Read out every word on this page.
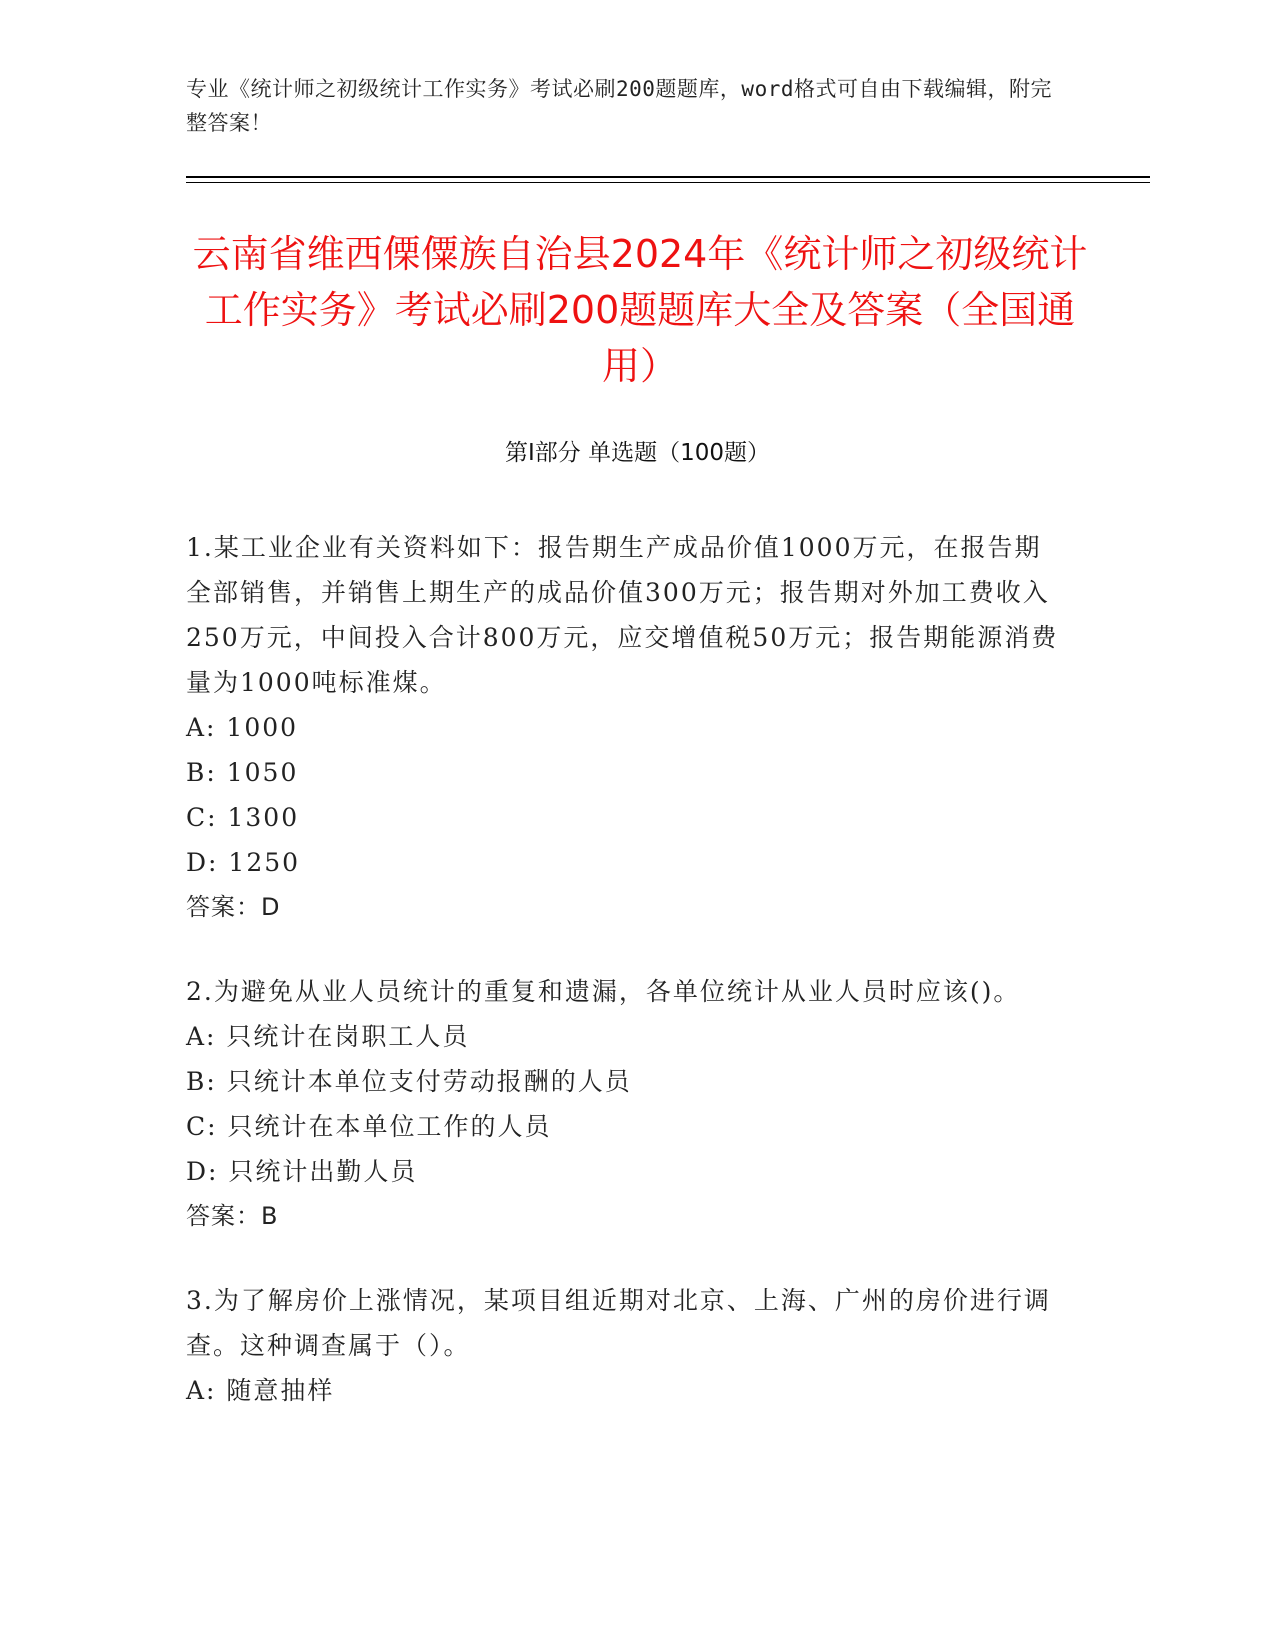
专业《统计师之初级统计工作实务》考试必刷200题题库，word格式可自由下载编辑，附完整答案！
云南省维西傈僳族自治县2024年《统计师之初级统计工作实务》考试必刷200题题库大全及答案（全国通用）
第I部分 单选题（100题）

1.某工业企业有关资料如下：报告期生产成品价值1000万元，在报告期全部销售，并销售上期生产的成品价值300万元；报告期对外加工费收入250万元，中间投入合计800万元，应交增值税50万元；报告期能源消费量为1000吨标准煤。

A: 1000

B: 1050

C: 1300

D: 1250

答案：D

2.为避免从业人员统计的重复和遗漏，各单位统计从业人员时应该()。

A: 只统计在岗职工人员

B: 只统计本单位支付劳动报酬的人员

C: 只统计在本单位工作的人员

D: 只统计出勤人员

答案：B

3.为了解房价上涨情况，某项目组近期对北京、上海、广州的房价进行调查。这种调查属于（）。

A: 随意抽样
